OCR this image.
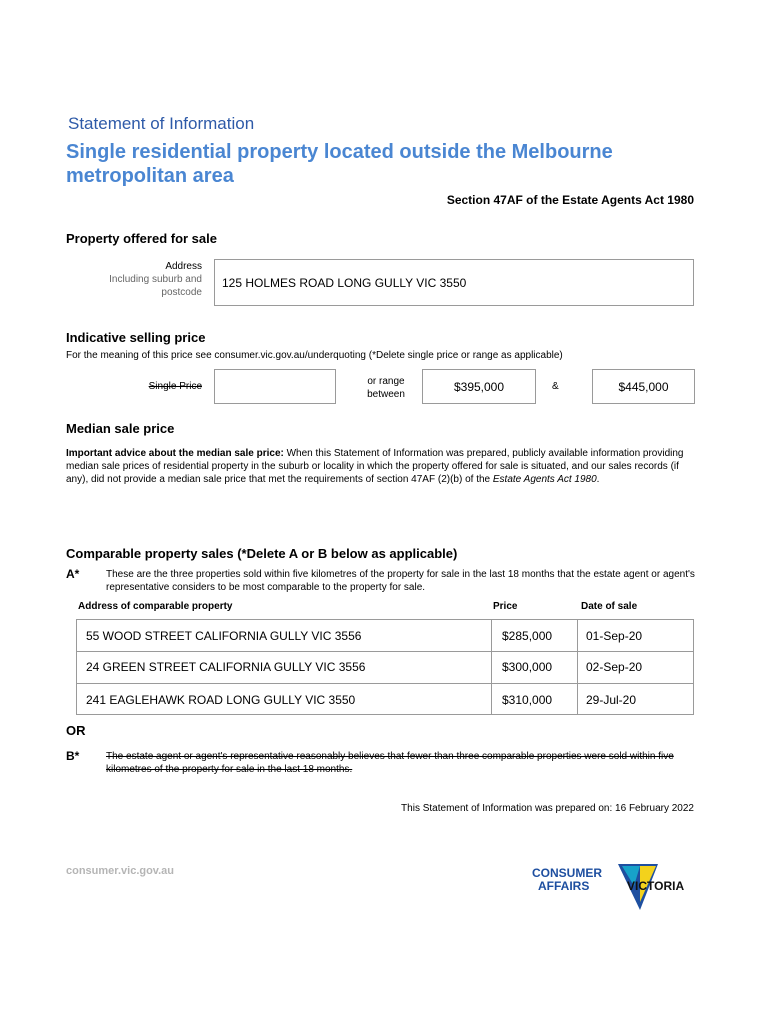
Statement of Information
Single residential property located outside the Melbourne metropolitan area
Section 47AF of the Estate Agents Act 1980
Property offered for sale
Address
Including suburb and postcode
125 HOLMES ROAD LONG GULLY VIC 3550
Indicative selling price
For the meaning of this price see consumer.vic.gov.au/underquoting (*Delete single price or range as applicable)
Single Price	or range
between
$395,000	&	$445,000
Median sale price
Important advice about the median sale price: When this Statement of Information was prepared, publicly available information providing median sale prices of residential property in the suburb or locality in which the property offered for sale is situated, and our sales records (if any), did not provide a median sale price that met the requirements of section 47AF (2)(b) of the Estate Agents Act 1980.
Comparable property sales (*Delete A or B below as applicable)
A*	These are the three properties sold within five kilometres of the property for sale in the last 18 months that the estate agent or agent's representative considers to be most comparable to the property for sale.
Address of comparable property	Price	Date of sale
55 WOOD STREET CALIFORNIA GULLY VIC 3556	$285,000	01-Sep-20
24 GREEN STREET CALIFORNIA GULLY VIC 3556	$300,000	02-Sep-20
241 EAGLEHAWK ROAD LONG GULLY VIC 3550	$310,000	29-Jul-20
OR
B*	The estate agent or agent's representative reasonably believes that fewer than three comparable properties were sold within five kilometres of the property for sale in the last 18 months.
This Statement of Information was prepared on: 16 February 2022
consumer.vic.gov.au	CONSUMER
AFFAIRS	VICTORIA
